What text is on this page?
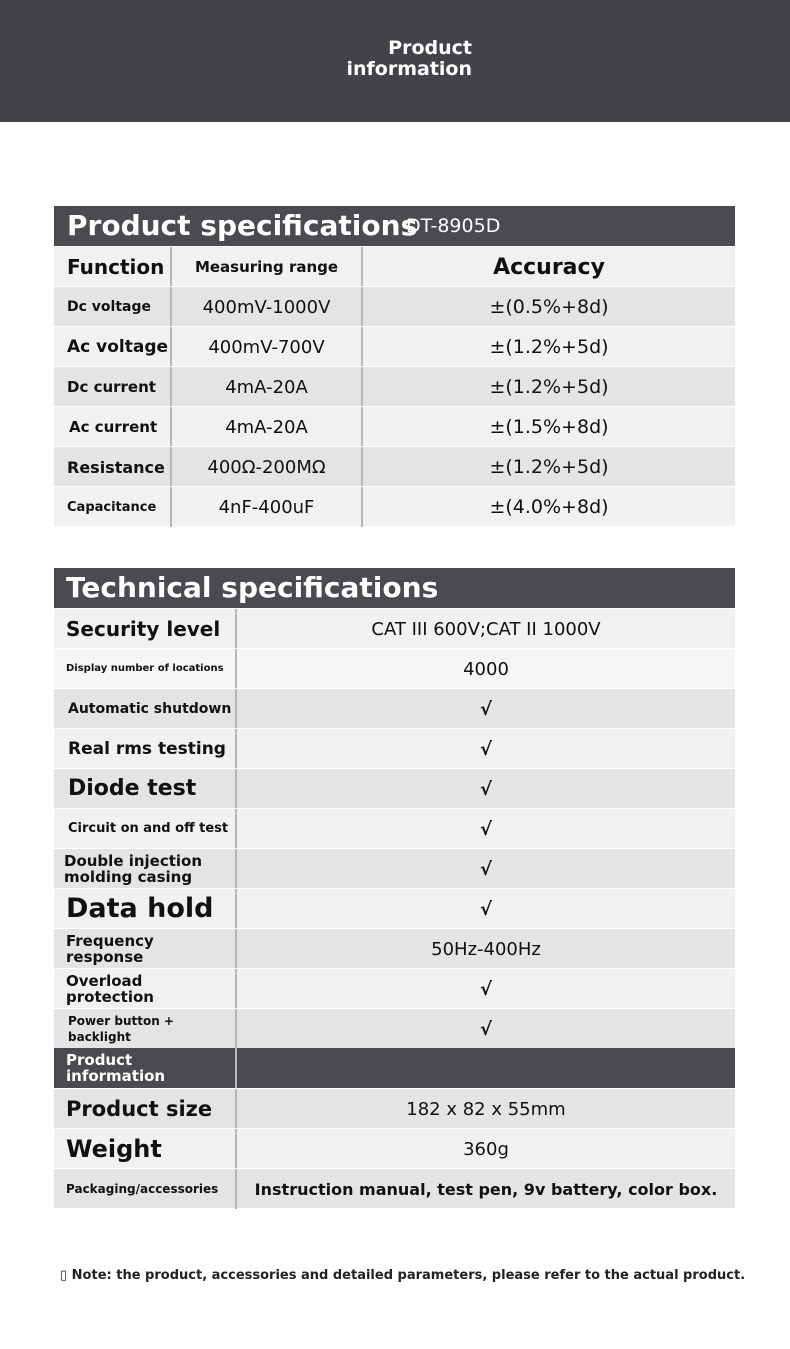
Product
information
Product specifications
DT-8905D
Function	Measuring range	Accuracy
Dc voltage	400mV-1000V	±(0.5%+8d)
Ac voltage	400mV-700V	±(1.2%+5d)
Dc current	4mA-20A	±(1.2%+5d)
Ac current	4mA-20A	±(1.5%+8d)
Resistance	400Ω-200MΩ	±(1.2%+5d)
Capacitance	4nF-400uF	±(4.0%+8d)
Technical specifications
Security level	CAT III 600V;CAT II 1000V
Display number of locations	4000
Automatic shutdown	√
Real rms testing	√
Diode test	√
Circuit on and off test	√
Double injection molding casing	√
Data hold	√
Frequency response	50Hz-400Hz
Overload protection	√
Power button + backlight	√
Product information
Product size	182 x 82 x 55mm
Weight	360g
Packaging/accessories	Instruction manual, test pen, 9v battery, color box.
▯ Note: the product, accessories and detailed parameters, please refer to the actual product.
